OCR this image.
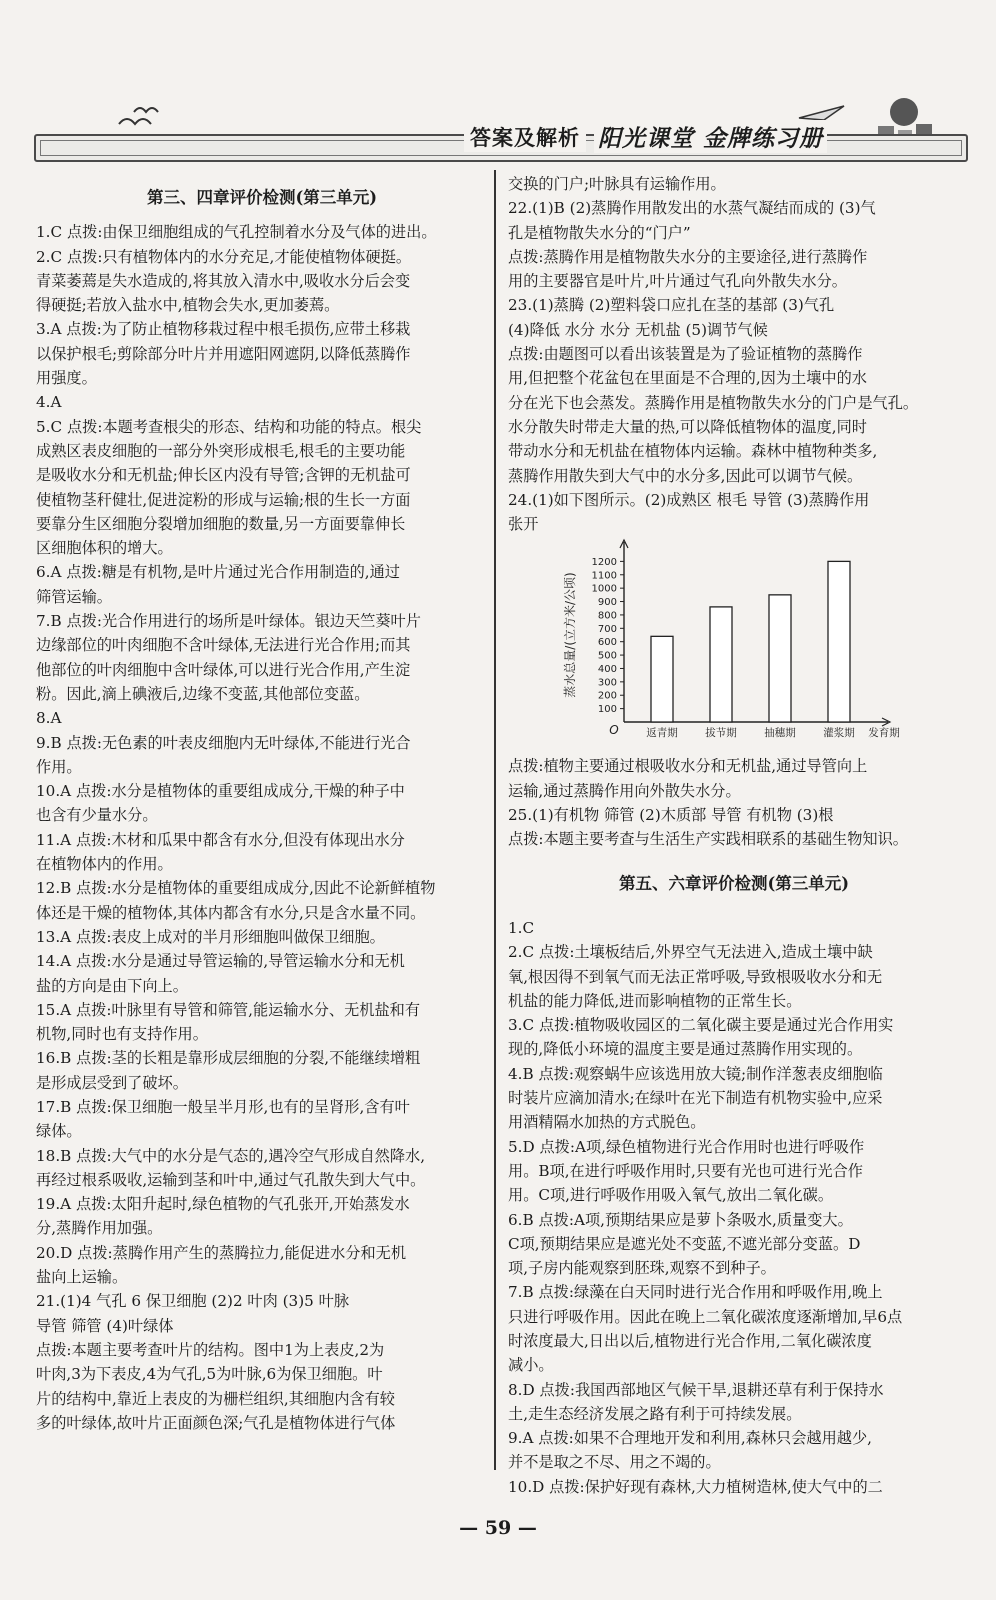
答案及解析 阳光课堂 金牌练习册
第三、四章评价检测(第三单元)

1.C 点拨:由保卫细胞组成的气孔控制着水分及气体的进出。

2.C 点拨:只有植物体内的水分充足,才能使植物体硬挺。

青菜萎蔫是失水造成的,将其放入清水中,吸收水分后会变

得硬挺;若放入盐水中,植物会失水,更加萎蔫。

3.A 点拨:为了防止植物移栽过程中根毛损伤,应带土移栽

以保护根毛;剪除部分叶片并用遮阳网遮阴,以降低蒸腾作

用强度。

4.A

5.C 点拨:本题考查根尖的形态、结构和功能的特点。根尖

成熟区表皮细胞的一部分外突形成根毛,根毛的主要功能

是吸收水分和无机盐;伸长区内没有导管;含钾的无机盐可

使植物茎秆健壮,促进淀粉的形成与运输;根的生长一方面

要靠分生区细胞分裂增加细胞的数量,另一方面要靠伸长

区细胞体积的增大。

6.A 点拨:糖是有机物,是叶片通过光合作用制造的,通过

筛管运输。

7.B 点拨:光合作用进行的场所是叶绿体。银边天竺葵叶片

边缘部位的叶肉细胞不含叶绿体,无法进行光合作用;而其

他部位的叶肉细胞中含叶绿体,可以进行光合作用,产生淀

粉。因此,滴上碘液后,边缘不变蓝,其他部位变蓝。

8.A

9.B 点拨:无色素的叶表皮细胞内无叶绿体,不能进行光合

作用。

10.A 点拨:水分是植物体的重要组成成分,干燥的种子中

也含有少量水分。

11.A 点拨:木材和瓜果中都含有水分,但没有体现出水分

在植物体内的作用。

12.B 点拨:水分是植物体的重要组成成分,因此不论新鲜植物

体还是干燥的植物体,其体内都含有水分,只是含水量不同。

13.A 点拨:表皮上成对的半月形细胞叫做保卫细胞。

14.A 点拨:水分是通过导管运输的,导管运输水分和无机

盐的方向是由下向上。

15.A 点拨:叶脉里有导管和筛管,能运输水分、无机盐和有

机物,同时也有支持作用。

16.B 点拨:茎的长粗是靠形成层细胞的分裂,不能继续增粗

是形成层受到了破坏。

17.B 点拨:保卫细胞一般呈半月形,也有的呈肾形,含有叶

绿体。

18.B 点拨:大气中的水分是气态的,遇冷空气形成自然降水,

再经过根系吸收,运输到茎和叶中,通过气孔散失到大气中。

19.A 点拨:太阳升起时,绿色植物的气孔张开,开始蒸发水

分,蒸腾作用加强。

20.D 点拨:蒸腾作用产生的蒸腾拉力,能促进水分和无机

盐向上运输。

21.(1)4 气孔 6 保卫细胞 (2)2 叶肉 (3)5 叶脉

导管 筛管 (4)叶绿体

点拨:本题主要考查叶片的结构。图中1为上表皮,2为

叶肉,3为下表皮,4为气孔,5为叶脉,6为保卫细胞。叶

片的结构中,靠近上表皮的为栅栏组织,其细胞内含有较

多的叶绿体,故叶片正面颜色深;气孔是植物体进行气体

交换的门户;叶脉具有运输作用。

22.(1)B (2)蒸腾作用散发出的水蒸气凝结而成的 (3)气

孔是植物散失水分的“门户”

点拨:蒸腾作用是植物散失水分的主要途径,进行蒸腾作

用的主要器官是叶片,叶片通过气孔向外散失水分。

23.(1)蒸腾 (2)塑料袋口应扎在茎的基部 (3)气孔

(4)降低 水分 水分 无机盐 (5)调节气候

点拨:由题图可以看出该装置是为了验证植物的蒸腾作

用,但把整个花盆包在里面是不合理的,因为土壤中的水

分在光下也会蒸发。蒸腾作用是植物散失水分的门户是气孔。

水分散失时带走大量的热,可以降低植物体的温度,同时

带动水分和无机盐在植物体内运输。森林中植物种类多,

蒸腾作用散失到大气中的水分多,因此可以调节气候。

24.(1)如下图所示。(2)成熟区 根毛 导管 (3)蒸腾作用

张开

100
200
300
400
500
600
700
800
900
1000
1100
1200
O
蒸水总量/(立方米/公顷)
返青期	拔节期	抽穗期	灌浆期 发育期

点拨:植物主要通过根吸收水分和无机盐,通过导管向上

运输,通过蒸腾作用向外散失水分。

25.(1)有机物 筛管 (2)木质部 导管 有机物 (3)根

点拨:本题主要考查与生活生产实践相联系的基础生物知识。

第五、六章评价检测(第三单元)

1.C

2.C 点拨:土壤板结后,外界空气无法进入,造成土壤中缺

氧,根因得不到氧气而无法正常呼吸,导致根吸收水分和无

机盐的能力降低,进而影响植物的正常生长。

3.C 点拨:植物吸收园区的二氧化碳主要是通过光合作用实

现的,降低小环境的温度主要是通过蒸腾作用实现的。

4.B 点拨:观察蜗牛应该选用放大镜;制作洋葱表皮细胞临

时装片应滴加清水;在绿叶在光下制造有机物实验中,应采

用酒精隔水加热的方式脱色。

5.D 点拨:A项,绿色植物进行光合作用时也进行呼吸作

用。B项,在进行呼吸作用时,只要有光也可进行光合作

用。C项,进行呼吸作用吸入氧气,放出二氧化碳。

6.B 点拨:A项,预期结果应是萝卜条吸水,质量变大。

C项,预期结果应是遮光处不变蓝,不遮光部分变蓝。D

项,子房内能观察到胚珠,观察不到种子。

7.B 点拨:绿藻在白天同时进行光合作用和呼吸作用,晚上

只进行呼吸作用。因此在晚上二氧化碳浓度逐渐增加,早6点

时浓度最大,日出以后,植物进行光合作用,二氧化碳浓度

减小。

8.D 点拨:我国西部地区气候干旱,退耕还草有利于保持水

土,走生态经济发展之路有利于可持续发展。

9.A 点拨:如果不合理地开发和利用,森林只会越用越少,

并不是取之不尽、用之不竭的。

10.D 点拨:保护好现有森林,大力植树造林,使大气中的二

— 59 —
